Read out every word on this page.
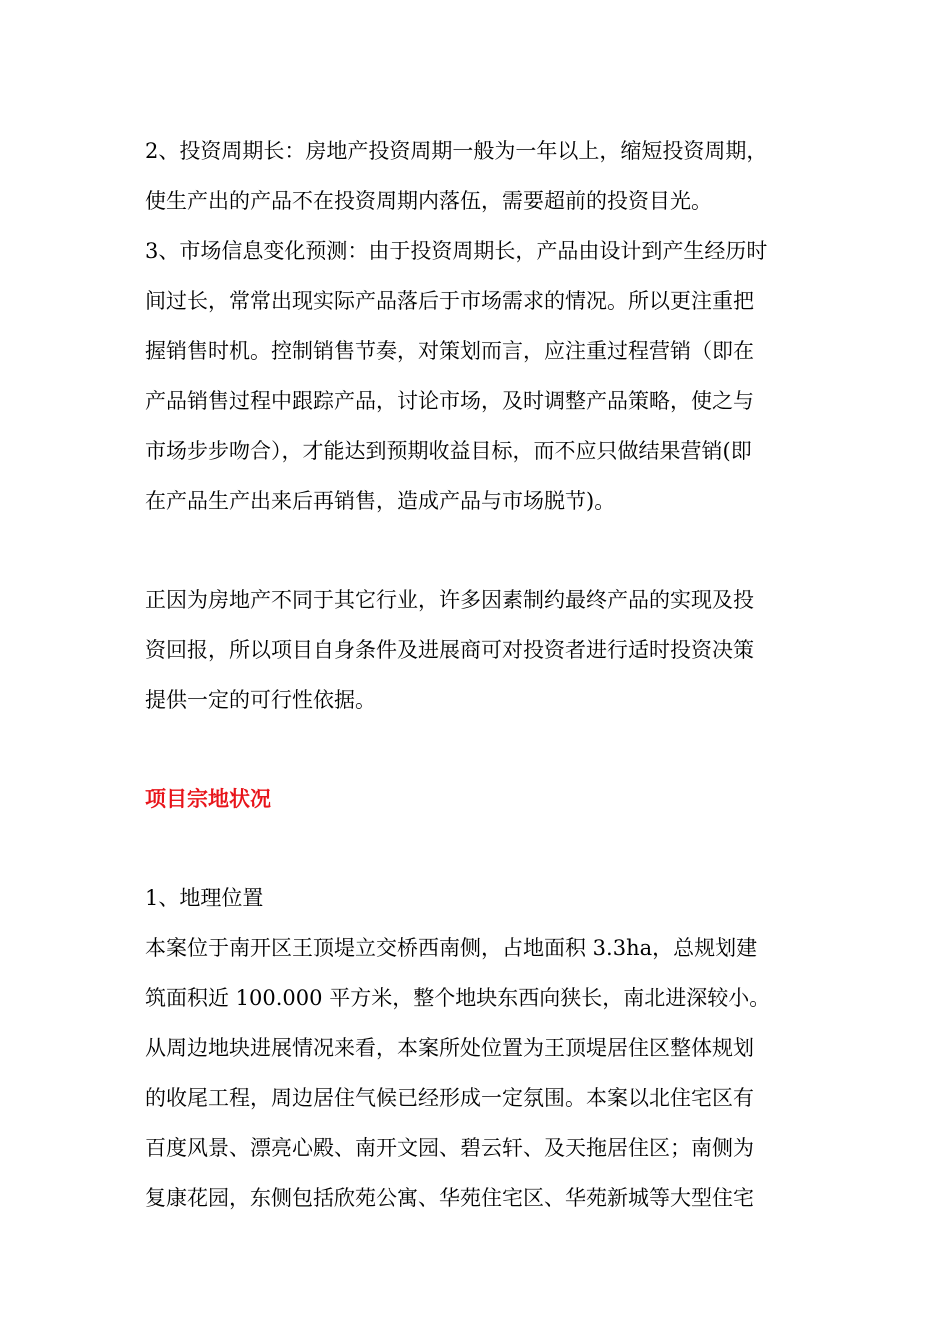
2、投资周期长：房地产投资周期一般为一年以上，缩短投资周期，
使生产出的产品不在投资周期内落伍，需要超前的投资目光。
3、市场信息变化预测：由于投资周期长，产品由设计到产生经历时
间过长，常常出现实际产品落后于市场需求的情况。所以更注重把
握销售时机。控制销售节奏，对策划而言，应注重过程营销（即在
产品销售过程中跟踪产品，讨论市场，及时调整产品策略，使之与
市场步步吻合），才能达到预期收益目标，而不应只做结果营销(即
在产品生产出来后再销售，造成产品与市场脱节)。
正因为房地产不同于其它行业，许多因素制约最终产品的实现及投
资回报，所以项目自身条件及进展商可对投资者进行适时投资决策
提供一定的可行性依据。
项目宗地状况
1、地理位置
本案位于南开区王顶堤立交桥西南侧，占地面积 3.3ha，总规划建
筑面积近 100.000 平方米，整个地块东西向狭长，南北进深较小。
从周边地块进展情况来看，本案所处位置为王顶堤居住区整体规划
的收尾工程，周边居住气候已经形成一定氛围。本案以北住宅区有
百度风景、漂亮心殿、南开文园、碧云轩、及天拖居住区；南侧为
复康花园，东侧包括欣苑公寓、华苑住宅区、华苑新城等大型住宅
